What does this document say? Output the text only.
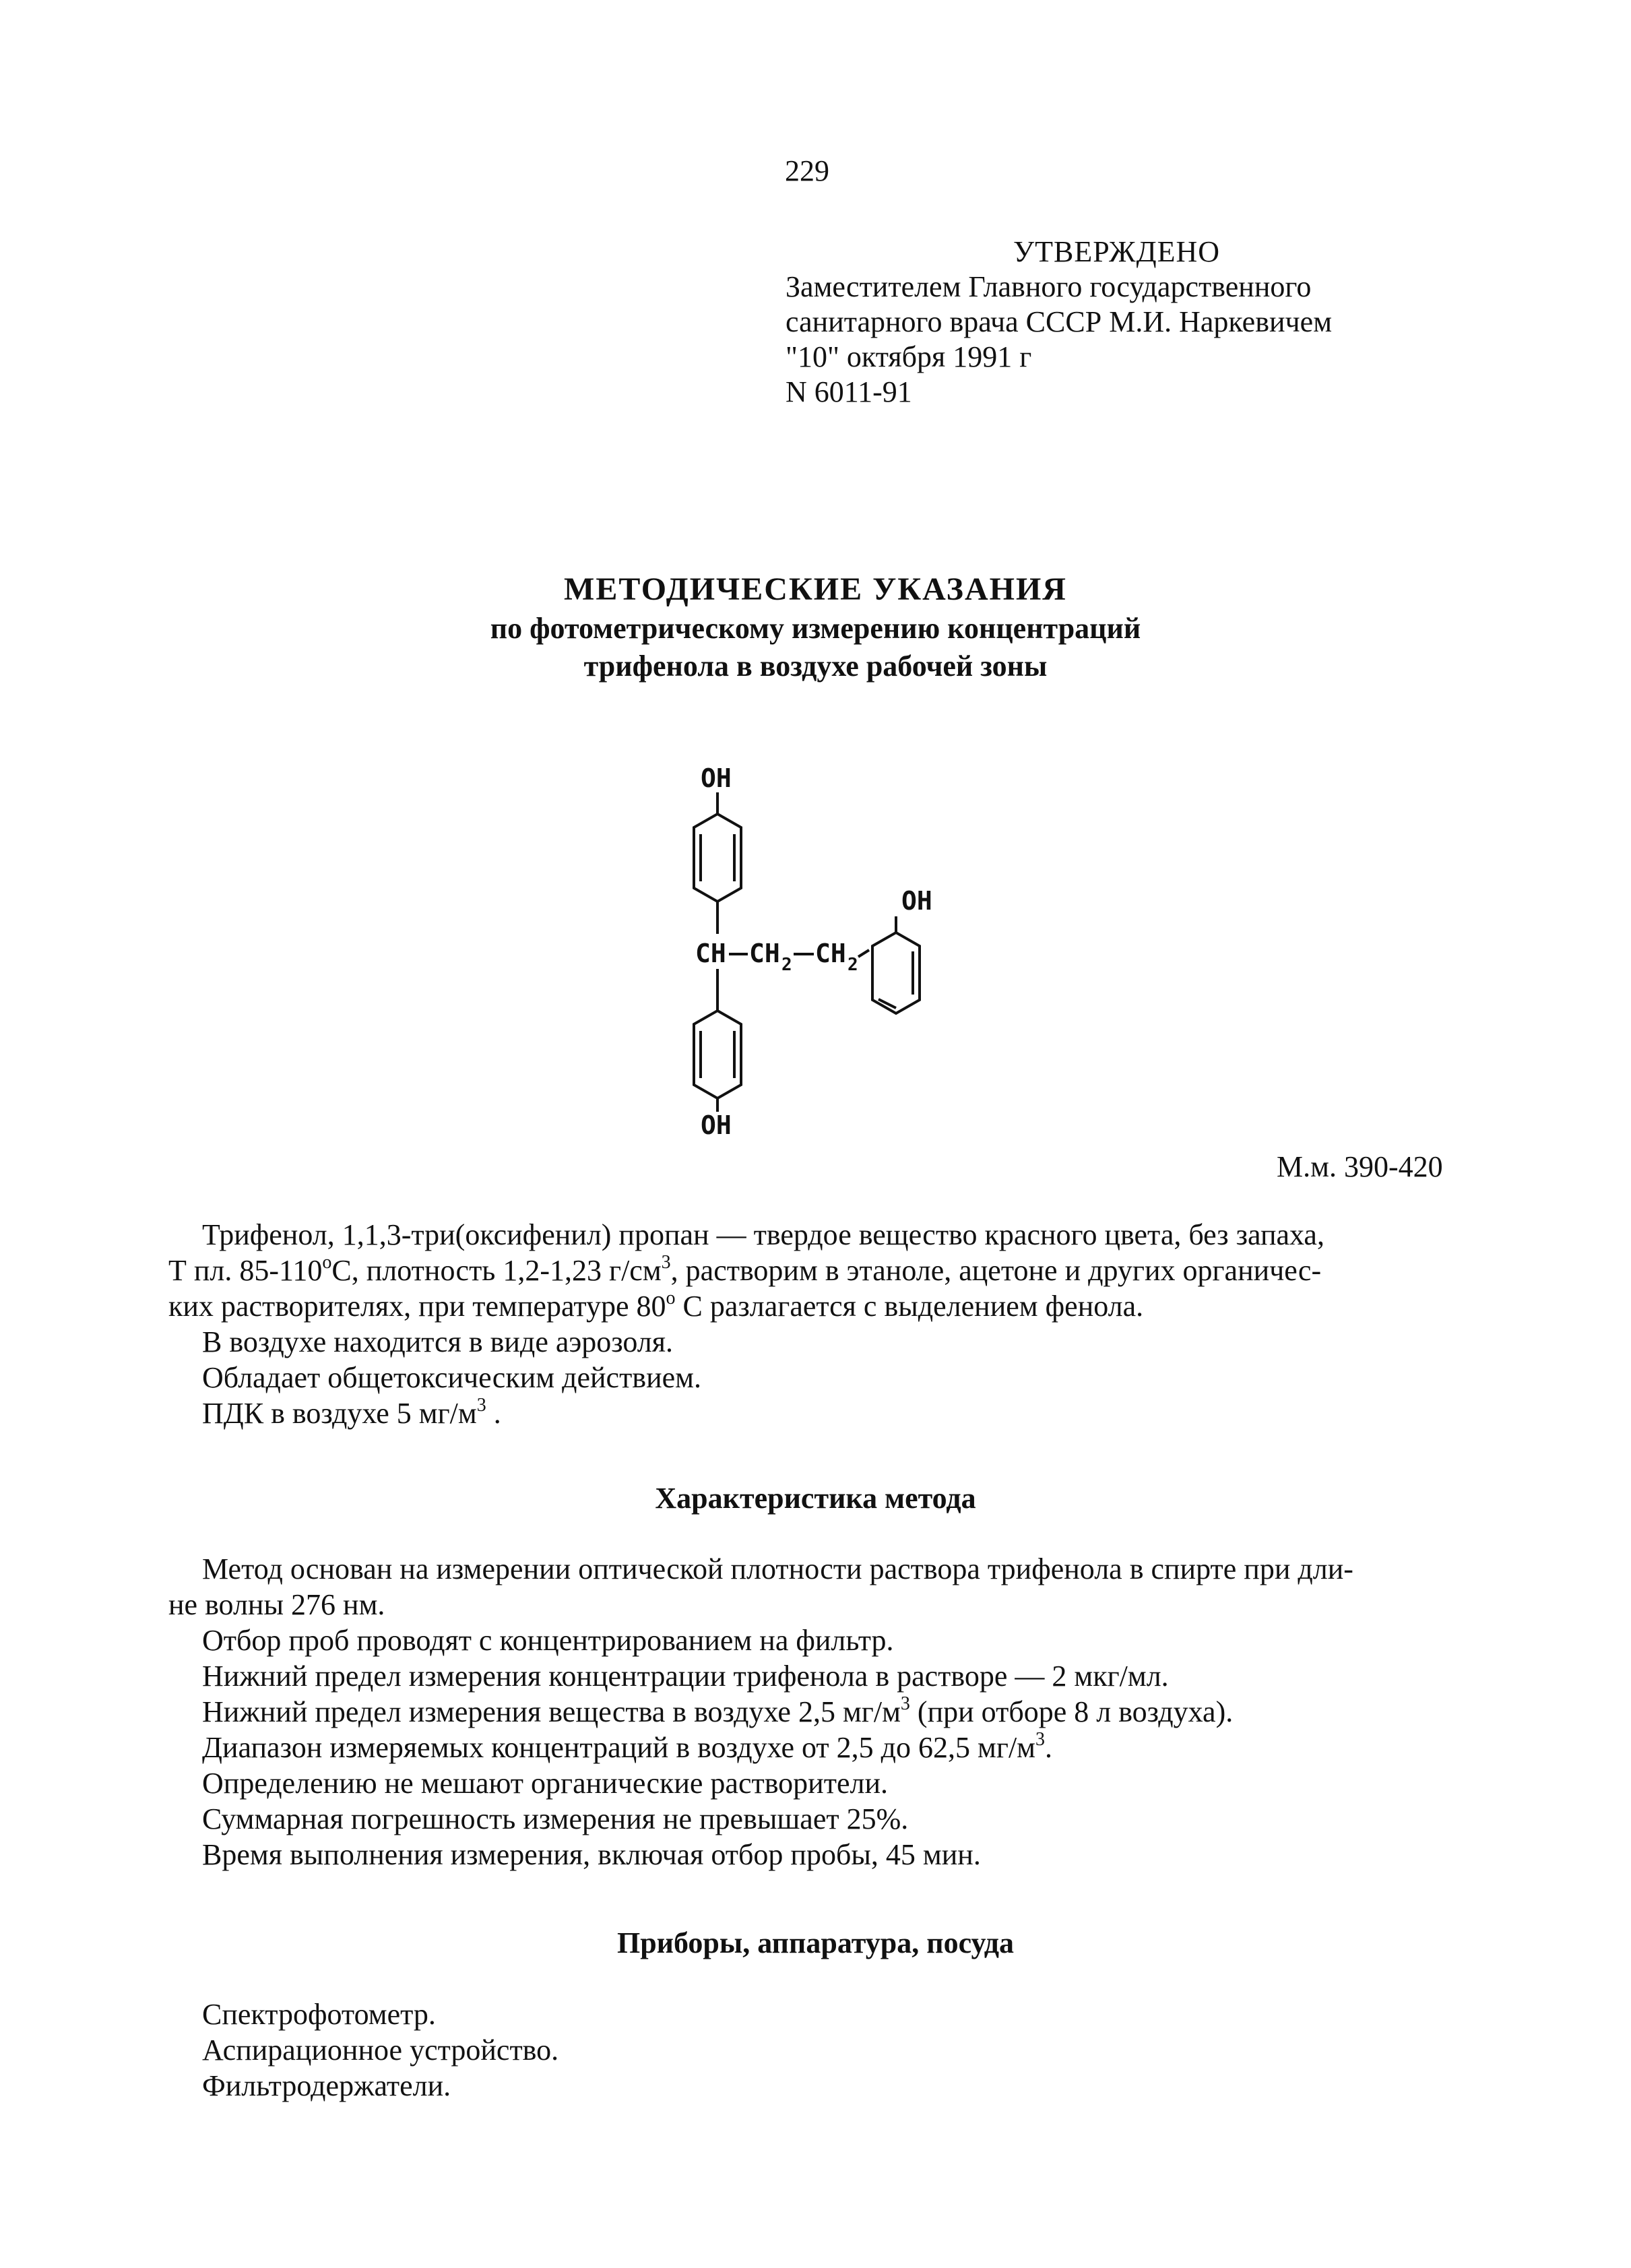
229
УТВЕРЖДЕНО
Заместителем Главного государственного
санитарного врача СССР М.И. Наркевичем
"10" октября 1991 г
N 6011-91
МЕТОДИЧЕСКИЕ УКАЗАНИЯ
по фотометрическому измерению концентраций
трифенола в воздухе рабочей зоны
OH
CH CH 2 CH 2
OH
OH
М.м. 390-420

Трифенол, 1,1,3-три(оксифенил) пропан — твердое вещество красного цвета, без запаха,

Т пл. 85-110$^o$С, плотность 1,2-1,23 $г/см^3$, растворим в этаноле, ацетоне и других органичес-

ких растворителях, при температуре 80$^o$ С разлагается с выделением фенола.

В воздухе находится в виде аэрозоля.

Обладает общетоксическим действием.

ПДК в воздухе 5 $мг/м^3$ .

Характеристика метода

Метод основан на измерении оптической плотности раствора трифенола в спирте при дли-

не волны 276 нм.

Отбор проб проводят с концентрированием на фильтр.

Нижний предел измерения концентрации трифенола в растворе — 2 мкг/мл.

Нижний предел измерения вещества в воздухе 2,5 $мг/м^3$ (при отборе 8 л воздуха).

Диапазон измеряемых концентраций в воздухе от 2,5 до 62,5 $мг/м^3$.

Определению не мешают органические растворители.

Суммарная погрешность измерения не превышает 25%.

Время выполнения измерения, включая отбор пробы, 45 мин.

Приборы, аппаратура, посуда
Спектрофотометр.
Аспирационное устройство.
Фильтродержатели.
